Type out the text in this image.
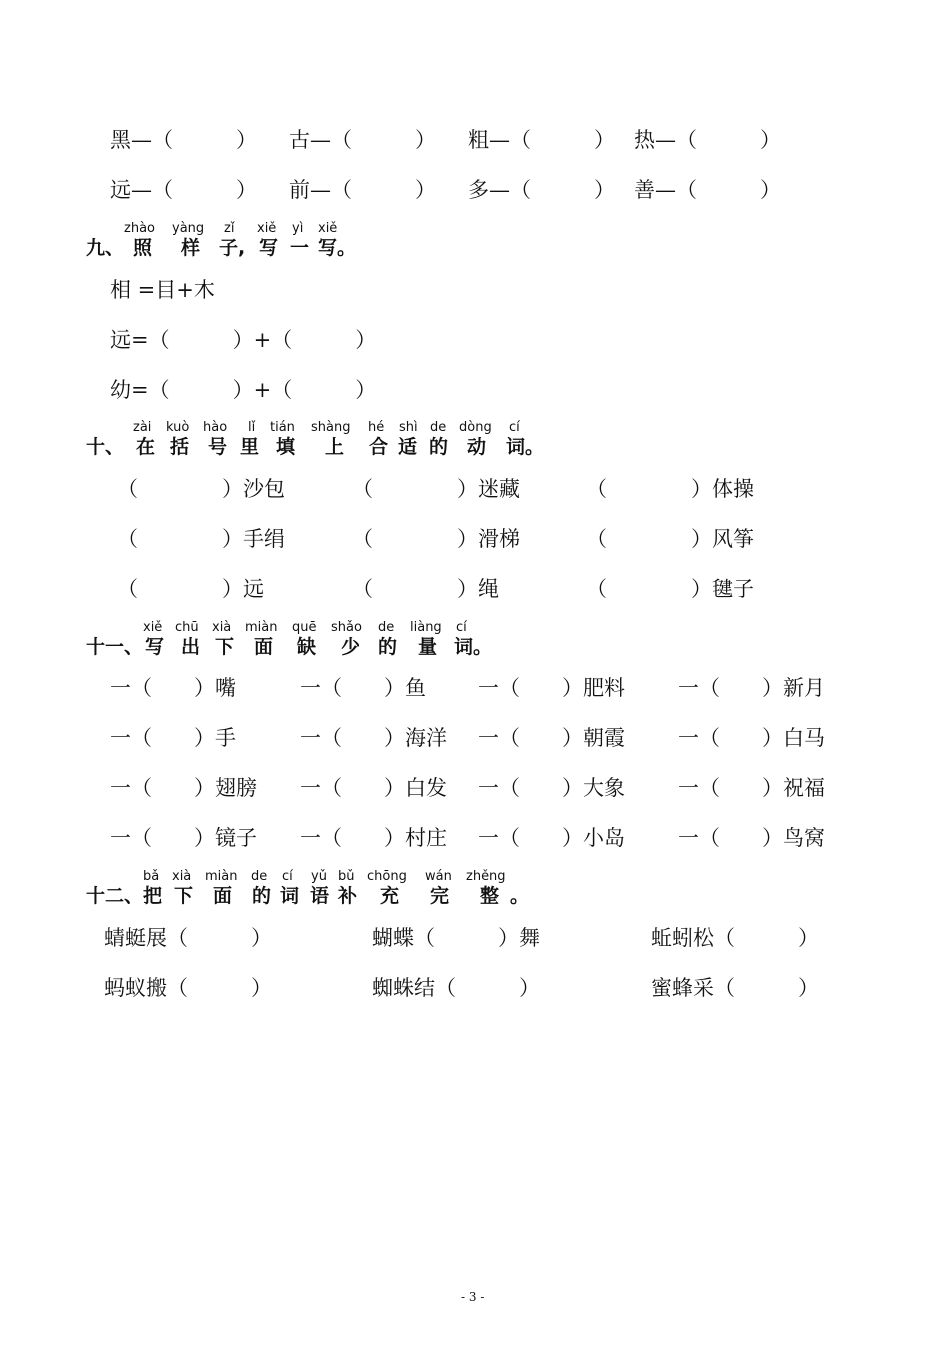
黑—（　　　） 古—（　　　） 粗—（　　　） 热—（　　　）
远—（　　　） 前—（　　　） 多—（　　　） 善—（　　　）
九、
zhào
照
yàng
样
zǐ
子,
xiě
写
yì
一
xiě
写。
相 =目+木
远=（　　　）+（　　　）
幼=（　　　）+（　　　）
十、
zài
在
kuò
括
hào
号
lǐ
里
tián
填
shàng
上
hé
合
shì
适
de
的
dòng
动
cí
词。
（　　　　）沙包	（　　　　）迷藏	（　　　　）体操
（　　　　）手绢	（　　　　）滑梯	（　　　　）风筝
（　　　　）远	（　　　　）绳	（　　　　）毽子
十一、
xiě
写
chū
出
xià
下
miàn
面
quē
缺
shǎo
少
de
的
liàng
量
cí
词。
一（　　）嘴	一（　　）鱼 一（　　）肥料	一（　　）新月
一（　　）手	一（　　）海洋 一（　　）朝霞	一（　　）白马
一（　　）翅膀 一（　　）白发 一（　　）大象	一（　　）祝福
一（　　）镜子 一（　　）村庄 一（　　）小岛	一（　　）鸟窝
十二、
bǎ
把
xià
下
miàn
面
de
的
cí
词
yǔ
语
bǔ
补
chōng
充
wán
完
zhěng
整 。
蜻蜓展（　　　）	蝴蝶（　　　）舞	蚯蚓松（　　　）
蚂蚁搬（　　　）	蜘蛛结（　　　）	蜜蜂采（　　　）
- 3 -
